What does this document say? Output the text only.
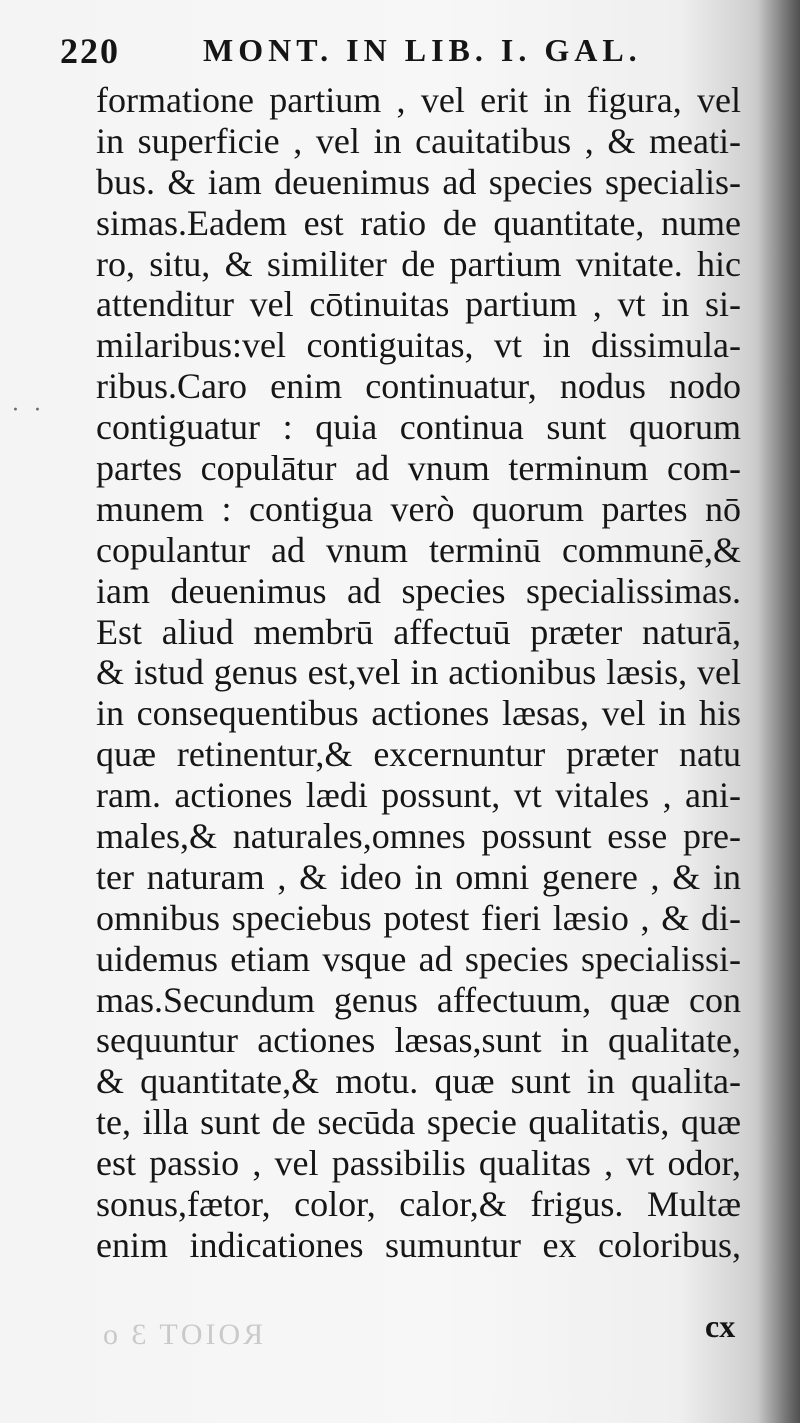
220	MONT. IN LIB. I. GAL.
· ·
formatione partium , vel erit in figura, vel
in superficie , vel in cauitatibus , & meati-
bus. & iam deuenimus ad species specialis-
simas.Eadem est ratio de quantitate, nume
ro, situ, & similiter de partium vnitate. hic
attenditur vel cōtinuitas partium , vt in si-
milaribus:vel contiguitas, vt in dissimula-
ribus.Caro enim continuatur, nodus nodo
contiguatur : quia continua sunt quorum
partes copulātur ad vnum terminum com-
munem : contigua verò quorum partes nō
copulantur ad vnum terminū communē,&
iam deuenimus ad species specialissimas.
Est aliud membrū affectuū præter naturā,
& istud genus est,vel in actionibus læsis, vel
in consequentibus actiones læsas, vel in his
quæ retinentur,& excernuntur præter natu
ram. actiones lædi possunt, vt vitales , ani-
males,& naturales,omnes possunt esse pre-
ter naturam , & ideo in omni genere , & in
omnibus speciebus potest fieri læsio , & di-
uidemus etiam vsque ad species specialissi-
mas.Secundum genus affectuum, quæ con
sequuntur actiones læsas,sunt in qualitate,
& quantitate,& motu. quæ sunt in qualita-
te, illa sunt de secūda specie qualitatis, quæ
est passio , vel passibilis qualitas , vt odor,
sonus,fætor, color, calor,& frigus. Multæ
enim indicationes sumuntur ex coloribus,
ROIOT 3 o	cx
